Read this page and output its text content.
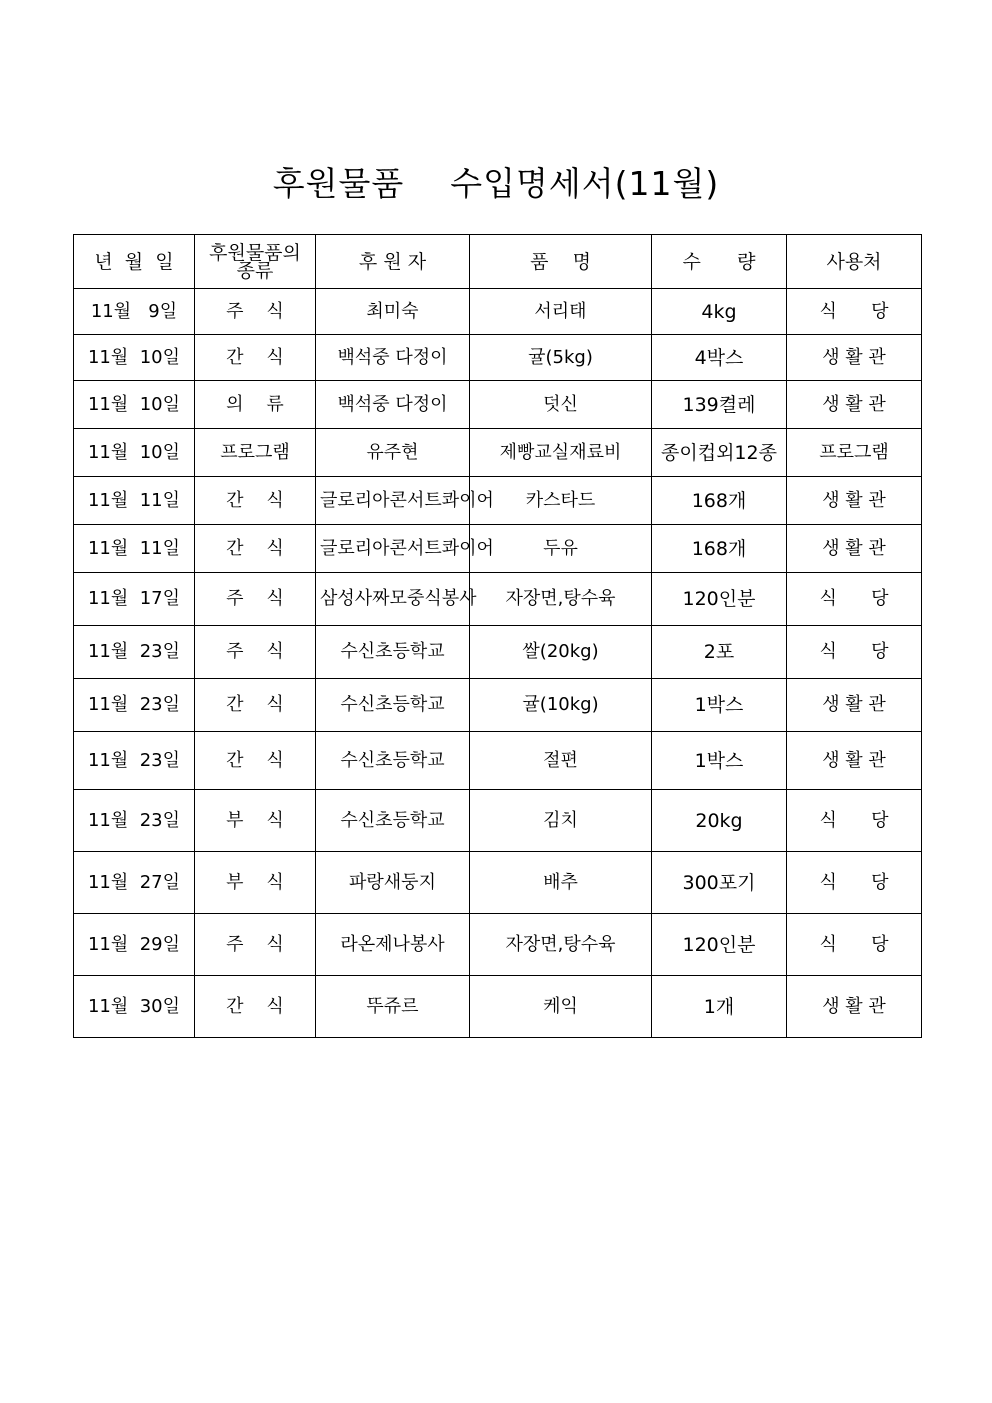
후원물품    수입명세서(11월)
년  월  일	후원물품의 종류	후 원 자	품    명	수      량	사용처
11월   9일	주    식	최미숙	서리태	4kg	식      당
11월  10일	간    식	백석중 다정이	귤(5kg)	4박스	생 활 관
11월  10일	의    류	백석중 다정이	덧신	139켤레	생 활 관
11월  10일	프로그램	유주현	제빵교실재료비	종이컵외12종	프로그램
11월  11일	간    식	글로리아콘서트콰이어	카스타드	168개	생 활 관
11월  11일	간    식	글로리아콘서트콰이어	두유	168개	생 활 관
11월  17일	주    식	삼성사짜모중식봉사	자장면,탕수육	120인분	식      당
11월  23일	주    식	수신초등학교	쌀(20kg)	2포	식      당
11월  23일	간    식	수신초등학교	귤(10kg)	1박스	생 활 관
11월  23일	간    식	수신초등학교	절편	1박스	생 활 관
11월  23일	부    식	수신초등학교	김치	20kg	식      당
11월  27일	부    식	파랑새둥지	배추	300포기	식      당
11월  29일	주    식	라온제나봉사	자장면,탕수육	120인분	식      당
11월  30일	간    식	뚜쥬르	케익	1개	생 활 관
